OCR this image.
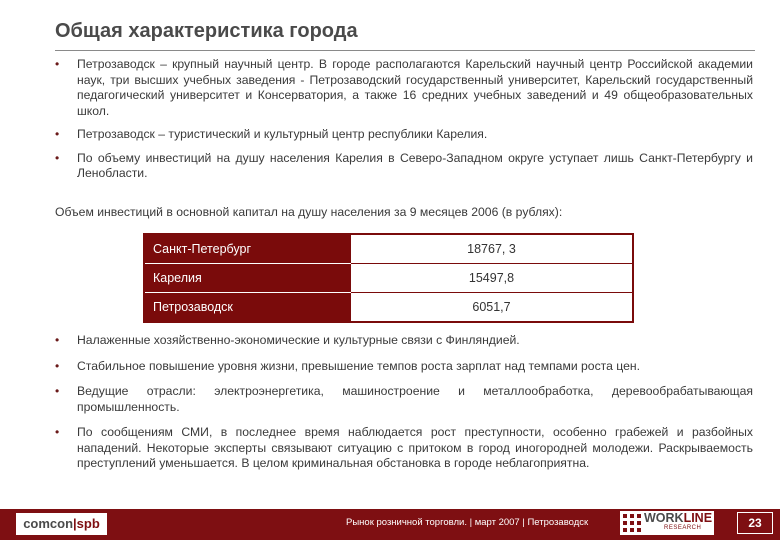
Общая характеристика города
• Петрозаводск – крупный научный центр. В городе располагаются Карельский научный центр Российской академии наук, три высших учебных заведения - Петрозаводский государственный университет, Карельский государственный педагогический университет и Консерватория, а также 16 средних учебных заведений и 49 общеобразовательных школ.
• Петрозаводск – туристический и культурный центр республики Карелия.
• По объему инвестиций на душу населения Карелия в Северо-Западном округе уступает лишь Санкт-Петербургу и Ленобласти.
Объем инвестиций в основной капитал на душу населения за 9 месяцев 2006 (в рублях):
Санкт-Петербург	18767, 3
Карелия	15497,8
Петрозаводск	6051,7
• Налаженные хозяйственно-экономические и культурные связи с Финляндией.
• Стабильное повышение уровня жизни, превышение темпов роста зарплат над темпами роста цен.
• Ведущие отрасли: электроэнергетика, машиностроение и металлообработка, деревообрабатывающая промышленность.
• По сообщениям СМИ, в последнее время наблюдается рост преступности, особенно грабежей и разбойных нападений. Некоторые эксперты связывают ситуацию с притоком в город иногородней молодежи. Раскрываемость преступлений уменьшается. В целом криминальная обстановка в городе неблагоприятна.
comcon|spb	Рынок розничной торговли. | март 2007 | Петрозаводск	WORKLINE
RESEARCH	23
